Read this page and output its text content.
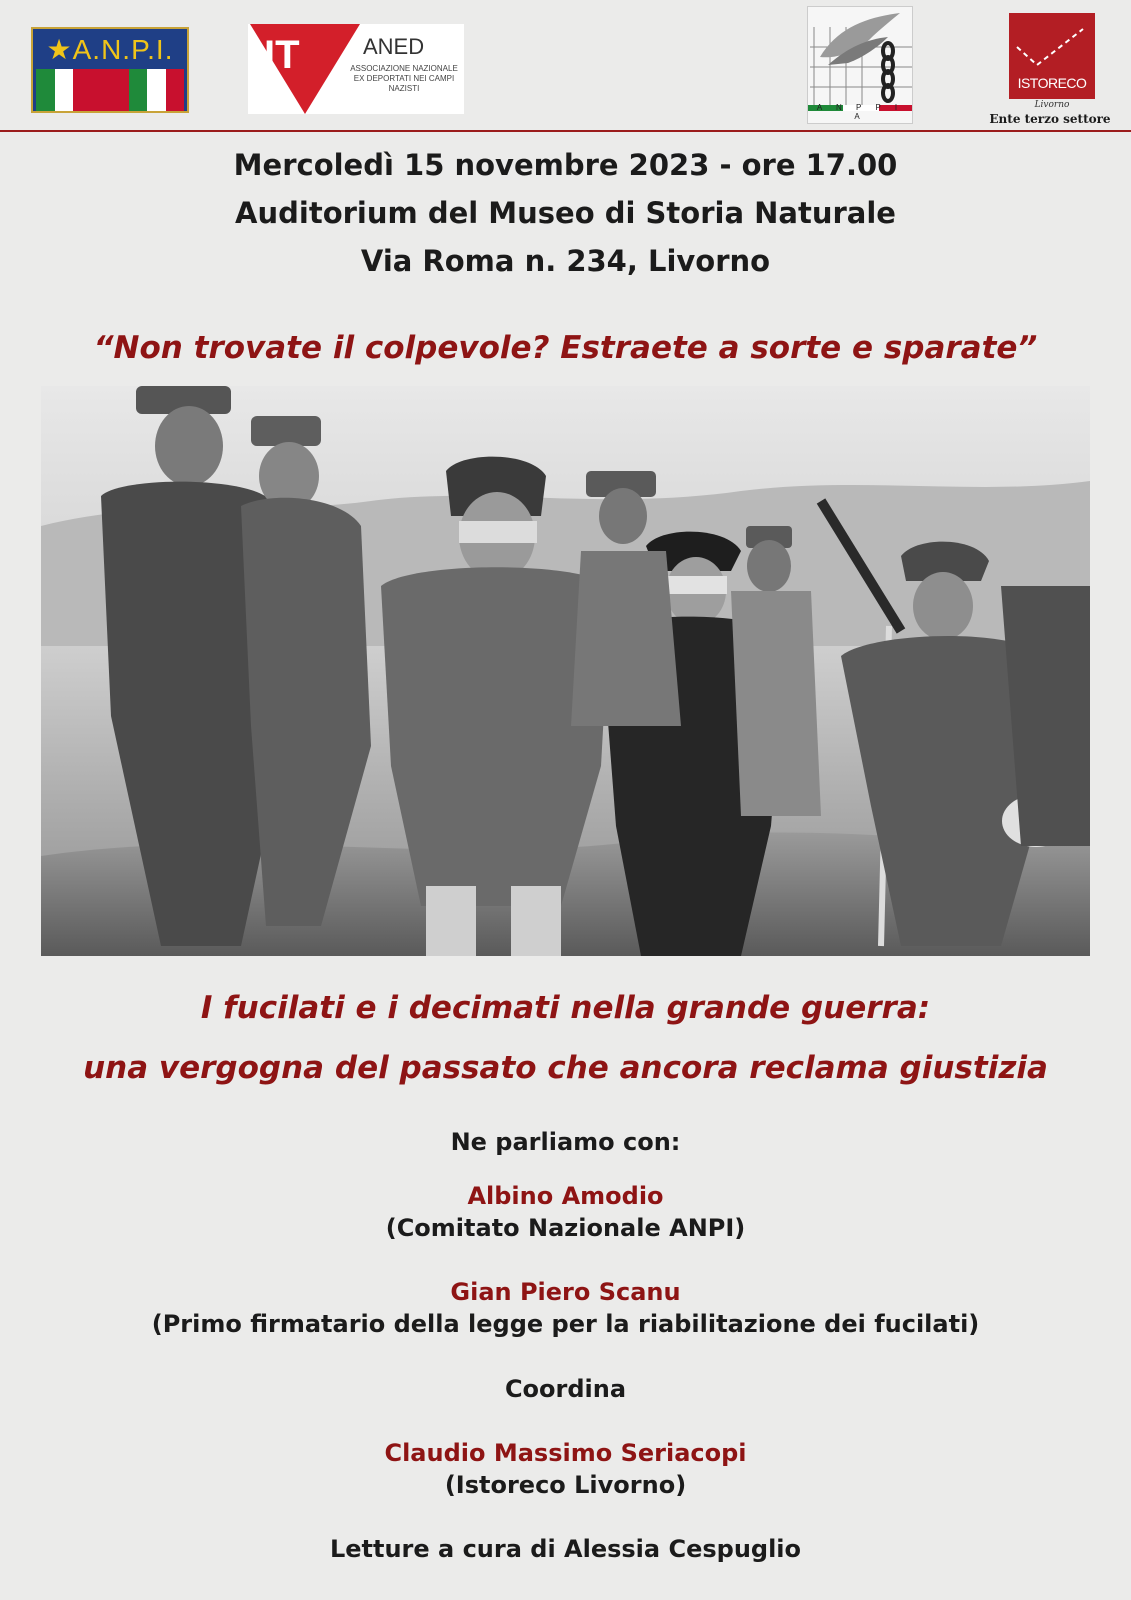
★A.N.P.I.	IT	ANED
ASSOCIAZIONE NAZIONALE
EX DEPORTATI NEI CAMPI NAZISTI
A N P P I A
ISTORECO
Livorno
Ente terzo settore
Mercoledì 15 novembre 2023 - ore 17.00
Auditorium del Museo di Storia Naturale
Via Roma n. 234, Livorno
“Non trovate il colpevole? Estraete a sorte e sparate”
I fucilati e i decimati nella grande guerra:
una vergogna del passato che ancora reclama giustizia
Ne parliamo con:
Albino Amodio
(Comitato Nazionale ANPI)
Gian Piero Scanu
(Primo firmatario della legge per la riabilitazione dei fucilati)
Coordina
Claudio Massimo Seriacopi
(Istoreco Livorno)
Letture a cura di Alessia Cespuglio
